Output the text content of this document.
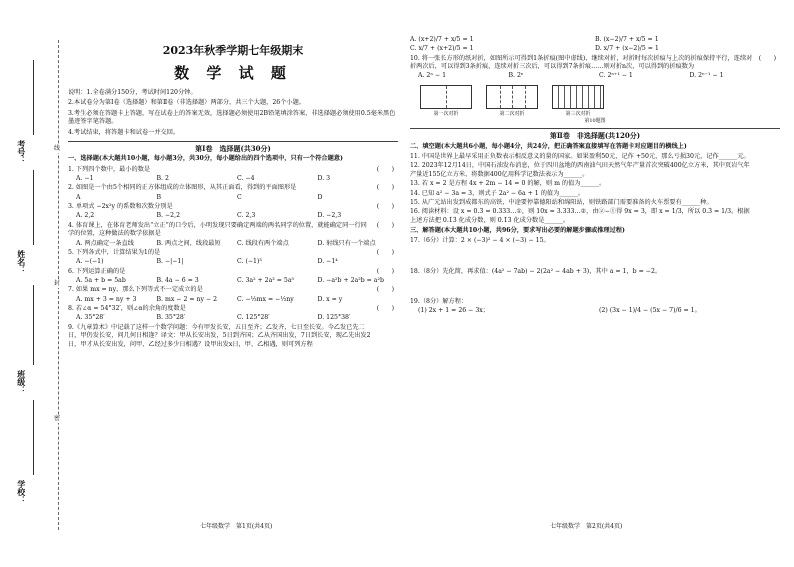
考号：
姓名：
班级：
学校：
线
封
密
2023年秋季学期七年级期末
数 学 试 题

说明：1.全卷满分150分，考试时间120分钟。

2.本试卷分为第Ⅰ卷（选择题）和第Ⅱ卷（非选择题）两部分，共三个大题，26个小题。

3.考生必须在答题卡上答题，写在试卷上的答案无效，选择题必须使用2B铅笔填涂答案，非选择题必须使用0.5毫米黑色墨迹签字笔答题。

4.考试结束，将答题卡和试卷一并交回。

第Ⅰ卷　选择题(共30分)
一、选择题(本大题共10小题，每小题3分，共30分，每小题给出的四个选项中，只有一个符合题意)
1. 下列四个数中，最小的数是	(　　)
A. −1	B. 2	C. −4	D. 3
2. 如图是一个由5个相同的正方体组成的立体图形，从其正面看，得到的平面图形是	(　　)
A	B	C	D
3. 单项式 −2x²y 的系数和次数分别是	(　　)
A. 2,2	B. −2,2	C. 2,3	D. −2,3
4. 体育课上，在体育老师发出“立正”的口令后，小明发现只要确定两端的两名同学的位置，就能确定同一行同学的位置，这种做法的数学依据是
(　　)
A. 两点确定一条直线	B. 两点之间，线段最短	C. 线段有两个端点	D. 射线只有一个端点
5. 下列各式中，计算结果为1的是	(　　)
A. −(−1)	B. −|−1|	C. (−1)³	D. −1⁴
6. 下列运算正确的是	(　　)
A. 5a + b = 5ab	B. 4a − 6 = 3	C. 3a² + 2a³ = 5a⁵	D. −a²b + 2a²b = a²b
7. 如果 mx = ny，那么下列等式不一定成立的是	(　　)
A. mx + 3 = ny + 3	B. mx − 2 = ny − 2	C. −⅓mx = −⅓ny	D. x = y
8. 若∠α = 54°32′，则∠α的余角的度数是	(　　)
A. 35°28′	B. 35°28′	C. 125°28′	D. 125°38′
9.《九章算术》中记载了这样一个数学问题：今有甲发长安，五日至齐；乙发齐，七日至长安。今乙发已先二日，甲仍发长安，问几何日相逢？译文：甲从长安出发，5日到齐国；乙从齐国出发，7日到长安，现乙先出发2日，甲才从长安出发，问甲、乙经过多少日相遇？设甲出发x日，甲、乙相遇，则可列方程
A. (x+2)/7 + x/5 = 1	B. (x−2)/7 + x/5 = 1
C. x/7 + (x+2)/5 = 1	D. x/7 + (x−2)/5 = 1
10. 将一张长方形的纸对折，如图所示可得到1条折痕(图中虚线)，继续对折，对折时每次折痕与上次的折痕保持平行，连续对折两次后，可以得到3条折痕，连续对折三次后，可以得到7条折痕……则对折n次，可以得到的折痕数为
(　　)
A. 2ⁿ − 1	B. 2ⁿ	C. 2ⁿ⁺¹ − 1	D. 2ⁿ⁻¹ − 1
第一次对折	第二次对折	第三次对折
第10题图
第Ⅱ卷　非选择题(共120分)
二、填空题(本大题共6小题，每小题4分，共24分，把正确答案直接填写在答题卡对应题目的横线上)
11. 中国是世界上最早采用正负数表示相反意义的量的国家。如果盈利50元，记作 +50元，那么亏损30元，记作______元。
12. 2023年12月14日，中国石油发布消息，位于四川盆地的西南油气田天然气年产量首次突破400亿立方米，其中页岩气年产量近155亿立方米，将数据400亿用科学记数法表示为______。
13. 若 x = 2 是方程 4x + 2m − 14 = 0 的解，则 m 的值为______。
14. 已知 a² − 3a = 3，则式子 2a² − 6a + 1 的值为______。
15. 从广元站出发到成都东的高铁，中途要停靠德阳站和绵阳站，则铁路部门需要准备的火车票要有______种。
16. 阅读材料：设 x = 0.3̇ = 0.333…①，则 10x = 3.333…②，由②−①得 9x = 3，即 x = 1/3，所以 0.3̇ = 1/3。根据上述方法把 0.1̇3̇ 化成分数，则 0.1̇3̇ 化成分数是______。
三、解答题(本大题共10小题，共96分，要求写出必要的解题步骤或推理过程)
17.（6分）计算：2 × (−3)² − 4 × (−3) − 15。
18.（8分）先化简，再求值：(4a² − 7ab) − 2(2a² − 4ab + 3)，其中 a = 1，b = −2。
19.（8分）解方程：
(1) 2x + 1 = 26 − 3x；	(2) (3x − 1)/4 − (5x − 7)/6 = 1。
七年级数学　第1页(共4页)	七年级数学　第2页(共4页)
